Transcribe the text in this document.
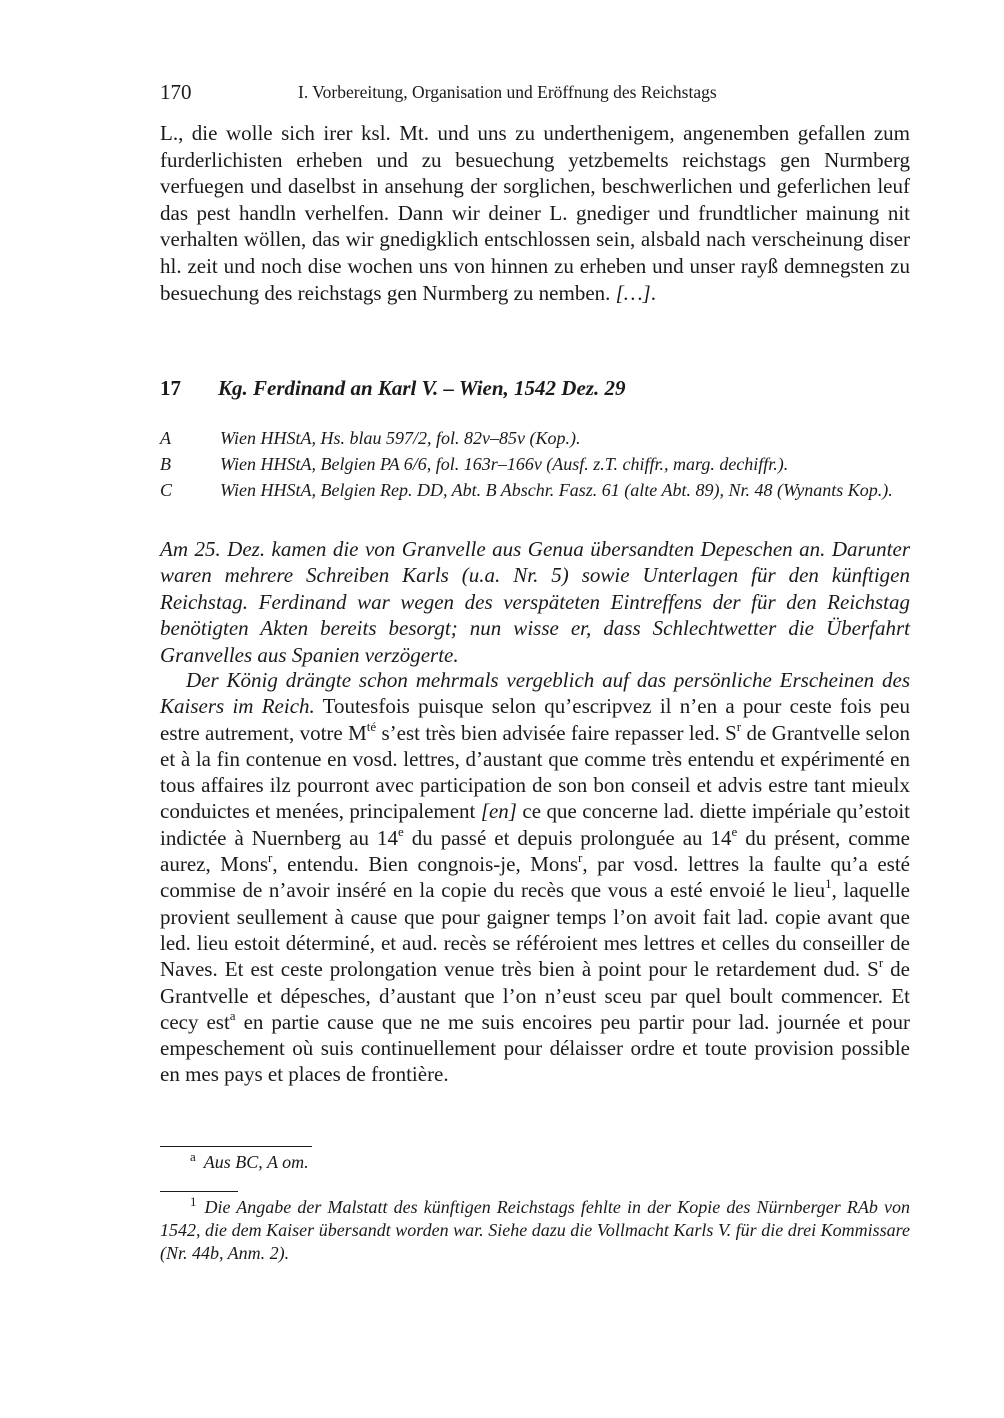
170	I. Vorbereitung, Organisation und Eröffnung des Reichstags

L., die wolle sich irer ksl. Mt. und uns zu underthenigem, angenemben gefallen zum furderlichisten erheben und zu besuechung yetzbemelts reichstags gen Nurmberg verfuegen und daselbst in ansehung der sorglichen, beschwerlichen und geferlichen leuf das pest handln verhelfen. Dann wir deiner L. gnediger und frundtlicher mainung nit verhalten wöllen, das wir gnedigklich entschlossen sein, alsbald nach verscheinung diser hl. zeit und noch dise wochen uns von hinnen zu erheben und unser rayß demnegsten zu besuechung des reichstags gen Nurmberg zu nemben. […].

17 Kg. Ferdinand an Karl V. – Wien, 1542 Dez. 29
A	Wien HHStA, Hs. blau 597/2, fol. 82v–85v (Kop.).
B	Wien HHStA, Belgien PA 6/6, fol. 163r–166v (Ausf. z.T. chiffr., marg. dechiffr.).
C	Wien HHStA, Belgien Rep. DD, Abt. B Abschr. Fasz. 61 (alte Abt. 89), Nr. 48 (Wynants Kop.).
Am 25. Dez. kamen die von Granvelle aus Genua übersandten Depeschen an. Darunter waren mehrere Schreiben Karls (u.a. Nr. 5) sowie Unterlagen für den künftigen Reichstag. Ferdinand war wegen des verspäteten Eintreffens der für den Reichstag benötigten Akten bereits besorgt; nun wisse er, dass Schlechtwetter die Überfahrt Granvelles aus Spanien verzögerte.

Der König drängte schon mehrmals vergeblich auf das persönliche Erscheinen des Kaisers im Reich. Toutesfois puisque selon qu’escripvez il n’en a pour ceste fois peu estre autrement, votre $M^{té}$ s’est très bien advisée faire repasser led. $S^r$ de Grantvelle selon et à la fin contenue en vosd. lettres, d’austant que comme très entendu et expérimenté en tous affaires ilz pourront avec participation de son bon conseil et advis estre tant mieulx conduictes et menées, principalement [en] ce que concerne lad. diette impériale qu’estoit indictée à Nuernberg au 14e du passé et depuis prolonguée au 14e du présent, comme aurez, Mons$^r$, entendu. Bien congnois-je, Mons$^r$, par vosd. lettres la faulte qu’a esté commise de n’avoir inséré en la copie du recès que vous a esté envoié le lieu$^1$, laquelle provient seullement à cause que pour gaigner temps l’on avoit fait lad. copie avant que led. lieu estoit déterminé, et aud. recès se référoient mes lettres et celles du conseiller de Naves. Et est ceste prolongation venue très bien à point pour le retardement dud. $S^r$ de Grantvelle et dépesches, d’austant que l’on n’eust sceu par quel boult commencer. Et cecy est$^a$ en partie cause que ne me suis encoires peu partir pour lad. journée et pour empeschement où suis continuellement pour délaisser ordre et toute provision possible en mes pays et places de frontière.

$^a$ Aus BC, A om.
$^1$ Die Angabe der Malstatt des künftigen Reichstags fehlte in der Kopie des Nürnberger RAb von 1542, die dem Kaiser übersandt worden war. Siehe dazu die Vollmacht Karls V. für die drei Kommissare (Nr. 44b, Anm. 2).
